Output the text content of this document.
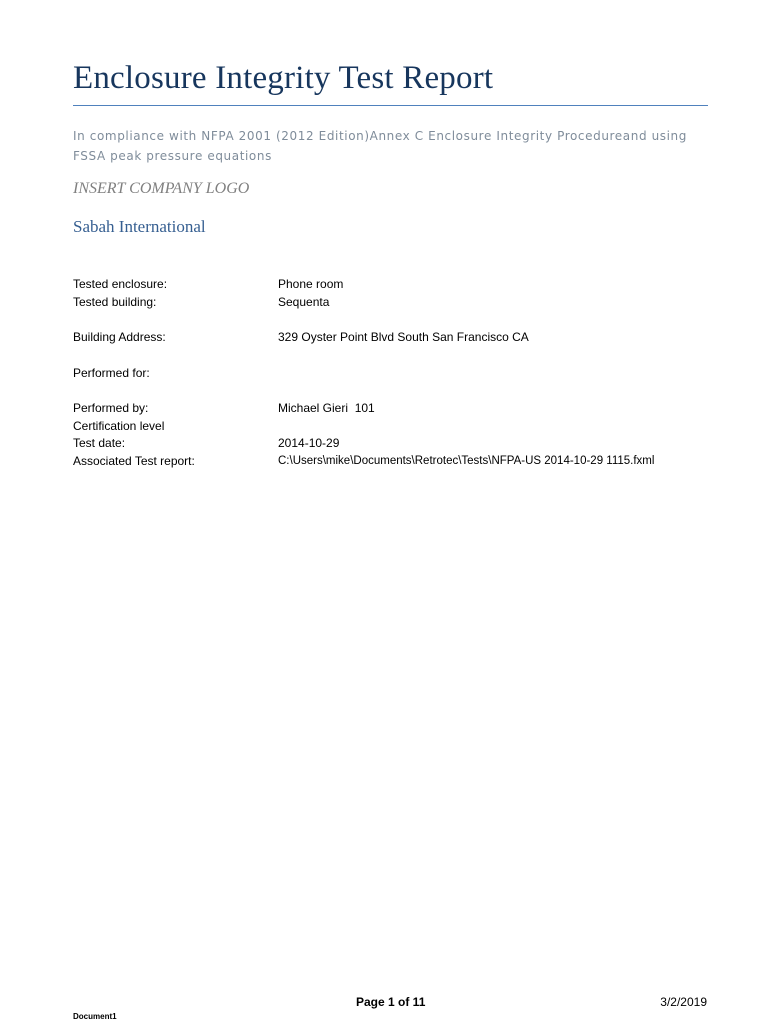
Enclosure Integrity Test Report
In compliance with NFPA 2001 (2012 Edition)Annex C Enclosure Integrity Procedureand using FSSA peak pressure equations
INSERT COMPANY LOGO
Sabah International
Tested enclosure:	Phone room
Tested building:	Sequenta
Building Address:	329 Oyster Point Blvd South San Francisco CA
Performed for:
Performed by:	Michael Gieri  101
Certification level
Test date:	2014-10-29
Associated Test report:	C:\Users\mike\Documents\Retrotec\Tests\NFPA-US 2014-10-29 1115.fxml
Page 1 of 11	3/2/2019
Document1
